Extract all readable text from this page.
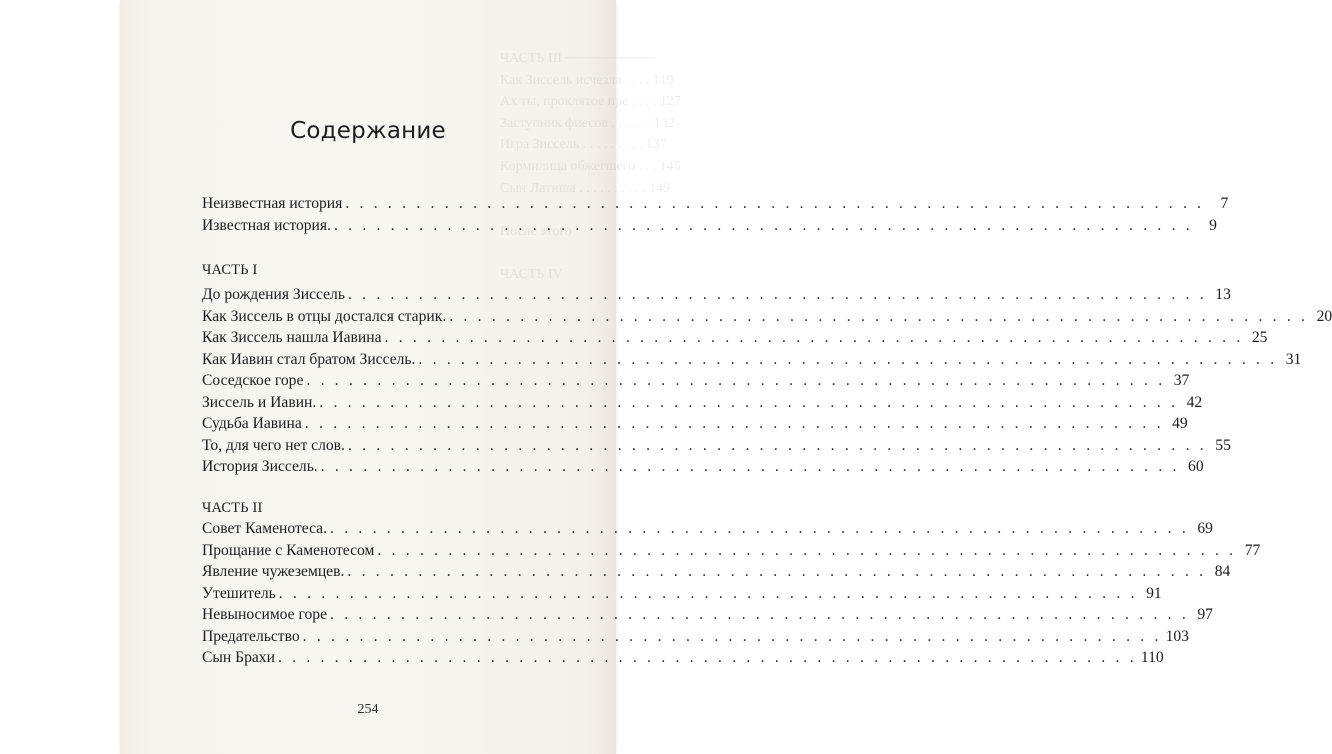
ЧАСТЬ III ─────────
Как Зиссель исчезла . . . . 119
Ах ты, проклятое пре . . . . 127
Заступник фиесов . . . . . . 132
Игра Зиссель . . . . . . . . . 137
Кормилица обжегшего . . . 145
Сын Латиша . . . . . . . . . . 149

После этого

ЧАСТЬ IV
Содержание
Неизвестная история . . .	7
Известная история. . . .	9
ЧАСТЬ I
До рождения Зиссель . . .	13
Как Зиссель в отцы достался старик. . . .	20
Как Зиссель нашла Иавина . . .	25
Как Иавин стал братом Зиссель. . . .	31
Соседское горе . . .	37
Зиссель и Иавин. . . .	42
Судьба Иавина . . .	49
То, для чего нет слов. . . .	55
История Зиссель. . . .	60
ЧАСТЬ II
Совет Каменотеса. . . .	69
Прощание с Каменотесом . . .	77
Явление чужеземцев. . . .	84
Утешитель . . .	91
Невыносимое горе . . .	97
Предательство . . .	103
Сын Брахи . . .	110
254
